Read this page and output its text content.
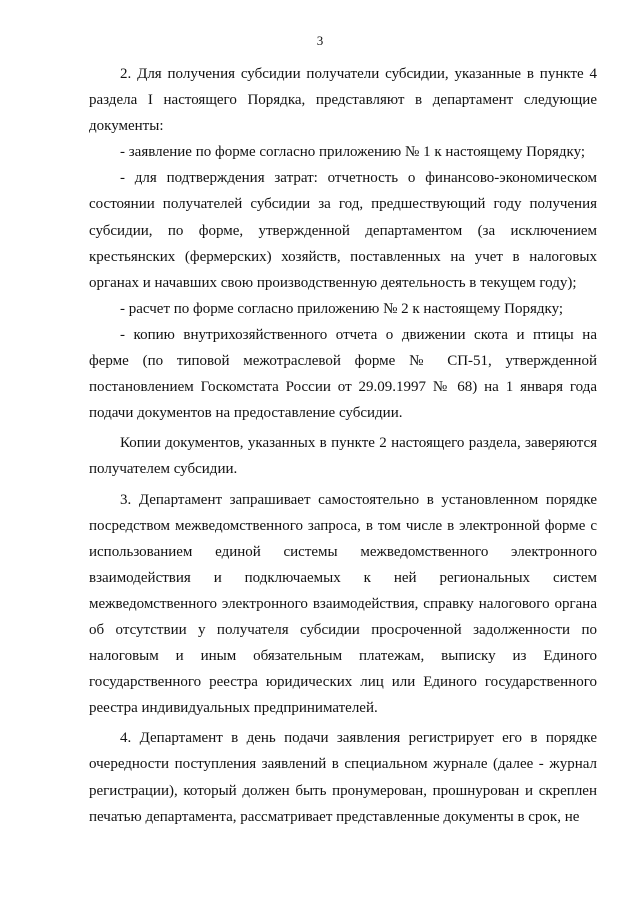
3

2. Для получения субсидии получатели субсидии, указанные в пункте 4 раздела I настоящего Порядка, представляют в департамент следующие документы:

- заявление по форме согласно приложению № 1 к настоящему Порядку;

- для подтверждения затрат: отчетность о финансово-экономическом состоянии получателей субсидии за год, предшествующий году получения субсидии, по форме, утвержденной департаментом (за исключением крестьянских (фермерских) хозяйств, поставленных на учет в налоговых органах и начавших свою производственную деятельность в текущем году);

- расчет по форме согласно приложению № 2 к настоящему Порядку;

- копию внутрихозяйственного отчета о движении скота и птицы на ферме (по типовой межотраслевой форме № СП-51, утвержденной постановлением Госкомстата России от 29.09.1997 № 68) на 1 января года подачи документов на предоставление субсидии.

Копии документов, указанных в пункте 2 настоящего раздела, заверяются получателем субсидии.

3. Департамент запрашивает самостоятельно в установленном порядке посредством межведомственного запроса, в том числе в электронной форме с использованием единой системы межведомственного электронного взаимодействия и подключаемых к ней региональных систем межведомственного электронного взаимодействия, справку налогового органа об отсутствии у получателя субсидии просроченной задолженности по налоговым и иным обязательным платежам, выписку из Единого государственного реестра юридических лиц или Единого государственного реестра индивидуальных предпринимателей.

4. Департамент в день подачи заявления регистрирует его в порядке очередности поступления заявлений в специальном журнале (далее - журнал регистрации), который должен быть пронумерован, прошнурован и скреплен печатью департамента, рассматривает представленные документы в срок, не
